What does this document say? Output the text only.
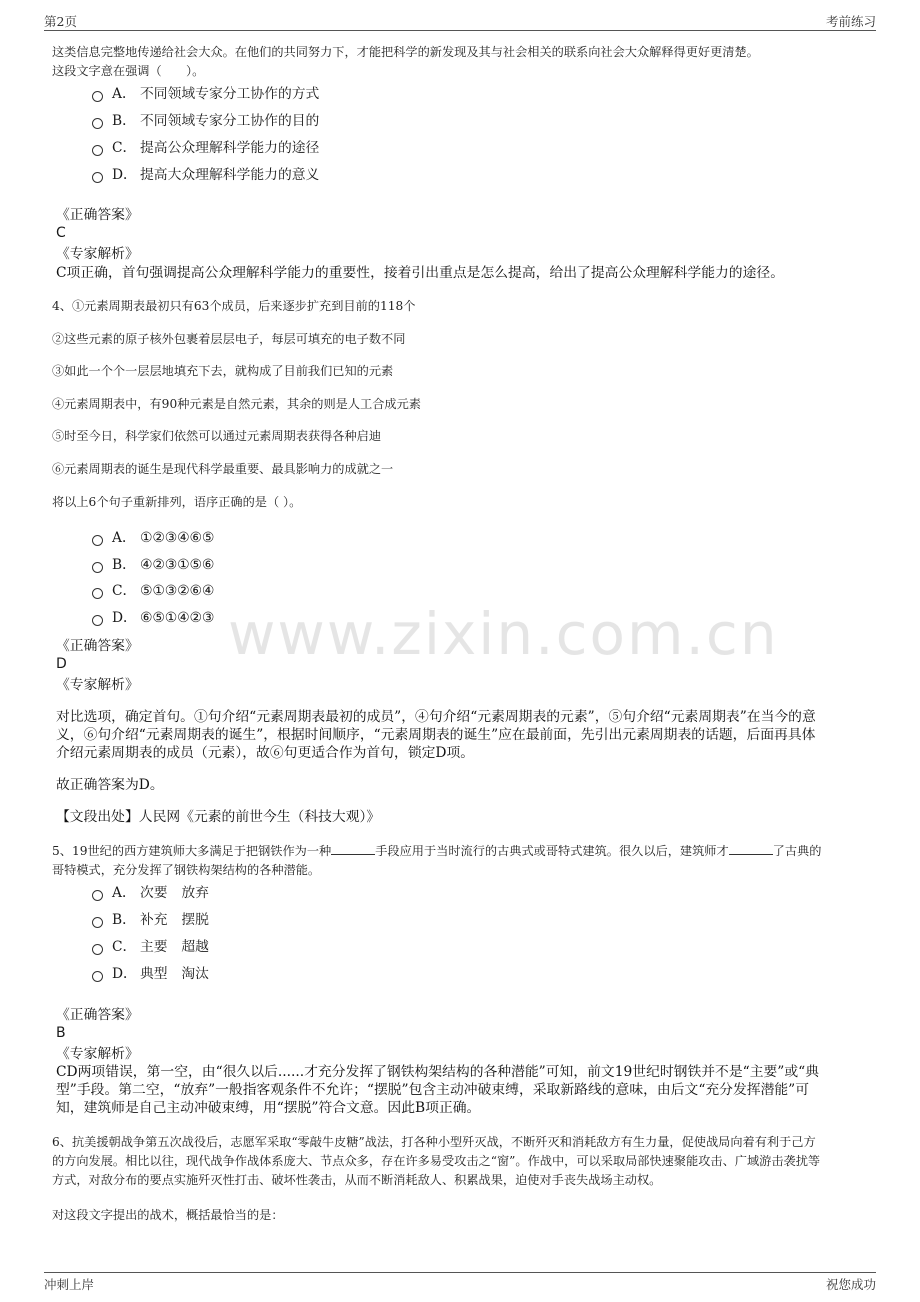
第2页	考前练习
www.zixin.com.cn
这类信息完整地传递给社会大众。在他们的共同努力下，才能把科学的新发现及其与社会相关的联系向社会大众解释得更好更清楚。
这段文字意在强调（　　）。
A． 不同领域专家分工协作的方式
B． 不同领域专家分工协作的目的
C． 提高公众理解科学能力的途径
D． 提高大众理解科学能力的意义
《正确答案》
C
《专家解析》
C项正确，首句强调提高公众理解科学能力的重要性，接着引出重点是怎么提高，给出了提高公众理解科学能力的途径。
4、①元素周期表最初只有63个成员，后来逐步扩充到目前的118个
②这些元素的原子核外包裹着层层电子，每层可填充的电子数不同
③如此一个个一层层地填充下去，就构成了目前我们已知的元素
④元素周期表中，有90种元素是自然元素，其余的则是人工合成元素
⑤时至今日，科学家们依然可以通过元素周期表获得各种启迪
⑥元素周期表的诞生是现代科学最重要、最具影响力的成就之一
将以上6个句子重新排列，语序正确的是（ ）。
A． ①②③④⑥⑤
B． ④②③①⑤⑥
C． ⑤①③②⑥④
D． ⑥⑤①④②③
《正确答案》
D
《专家解析》
对比选项，确定首句。①句介绍“元素周期表最初的成员”，④句介绍“元素周期表的元素”，⑤句介绍“元素周期表”在当今的意
义，⑥句介绍“元素周期表的诞生”，根据时间顺序，“元素周期表的诞生”应在最前面，先引出元素周期表的话题，后面再具体
介绍元素周期表的成员（元素），故⑥句更适合作为首句，锁定D项。
故正确答案为D。
【文段出处】人民网《元素的前世今生（科技大观）》
5、19世纪的西方建筑师大多满足于把钢铁作为一种	手段应用于当时流行的古典式或哥特式建筑。很久以后，建筑师才	了古典的
哥特模式，充分发挥了钢铁构架结构的各种潜能。
A． 次要　放弃
B． 补充　摆脱
C． 主要　超越
D． 典型　淘汰
《正确答案》
B
《专家解析》
CD两项错误，第一空，由“很久以后......才充分发挥了钢铁构架结构的各种潜能”可知，前文19世纪时钢铁并不是“主要”或“典
型”手段。第二空，“放弃”一般指客观条件不允许；“摆脱”包含主动冲破束缚，采取新路线的意味，由后文“充分发挥潜能”可
知，建筑师是自己主动冲破束缚，用“摆脱”符合文意。因此B项正确。
6、抗美援朝战争第五次战役后，志愿军采取“零敲牛皮糖”战法，打各种小型歼灭战，不断歼灭和消耗敌方有生力量，促使战局向着有利于己方
的方向发展。相比以往，现代战争作战体系庞大、节点众多，存在许多易受攻击之“窗”。作战中，可以采取局部快速聚能攻击、广域游击袭扰等
方式，对敌分布的要点实施歼灭性打击、破坏性袭击，从而不断消耗敌人、积累战果，迫使对手丧失战场主动权。
对这段文字提出的战术，概括最恰当的是：
冲刺上岸	祝您成功
